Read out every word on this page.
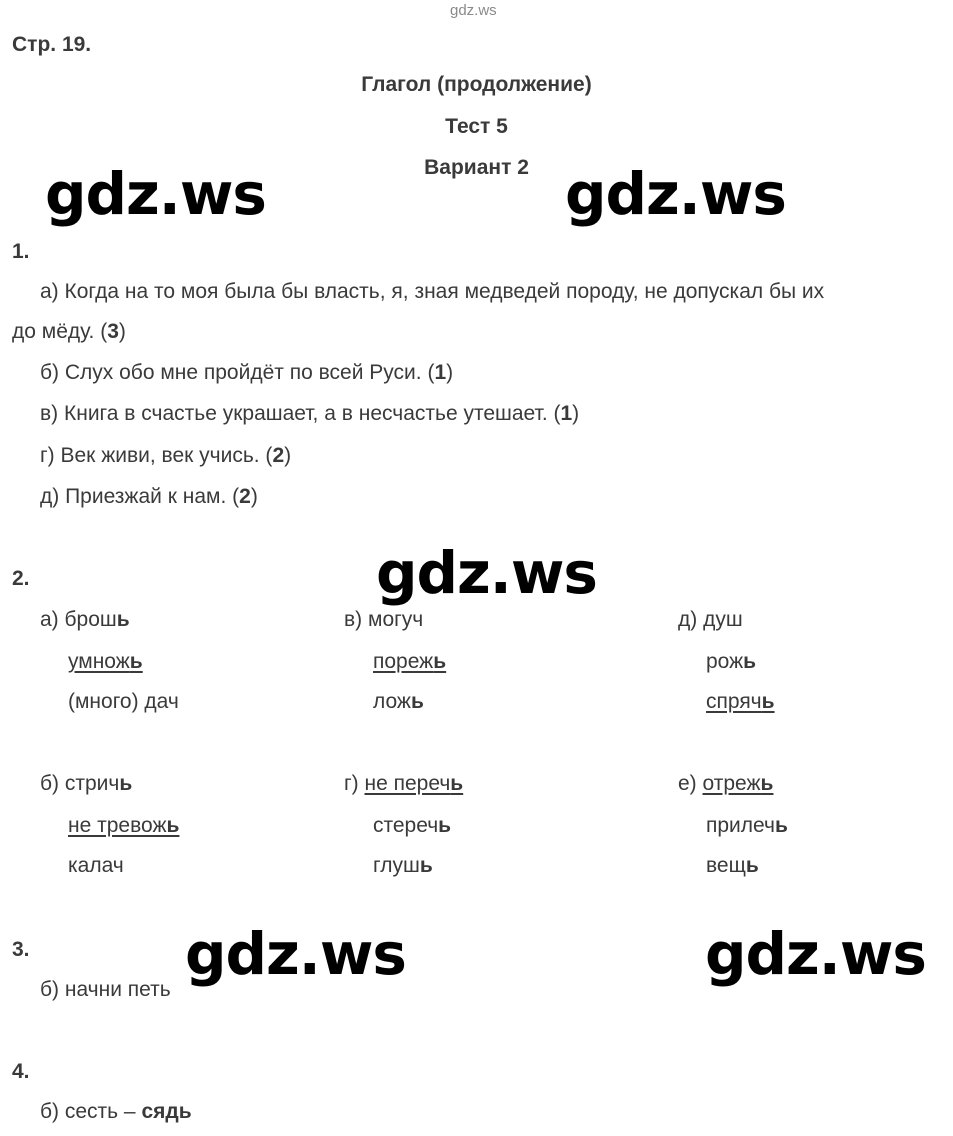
gdz.ws
Стр. 19.
Глагол (продолжение)
Тест 5
Вариант 2
gdz.ws	gdz.ws
gdz.ws
gdz.ws	gdz.ws
1.
а) Когда на то моя была бы власть, я, зная медведей породу, не допускал бы их
до мёду. (3)
б) Слух обо мне пройдёт по всей Руси. (1)
в) Книга в счастье украшает, а в несчастье утешает. (1)
г) Век живи, век учись. (2)
д) Приезжай к нам. (2)
2.
а) брошь
умножь
(много) дач
в) могуч
порежь
ложь
д) душ
рожь
спрячь
б) стричь
не тревожь
калач
г) не перечь
стеречь
глушь
е) отрежь
прилечь
вещь
3.
б) начни петь
4.
б) сесть – сядь
